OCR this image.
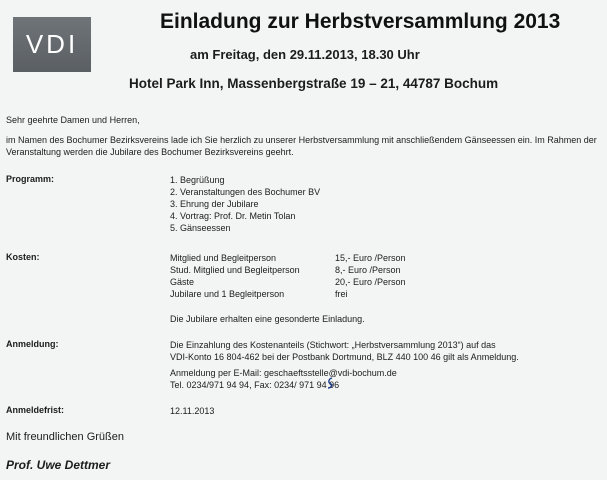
VDI
Einladung zur Herbstversammlung 2013
am Freitag, den 29.11.2013, 18.30 Uhr
Hotel Park Inn, Massenbergstraße 19 – 21, 44787 Bochum
Sehr geehrte Damen und Herren,
im Namen des Bochumer Bezirksvereins lade ich Sie herzlich zu unserer Herbstversammlung mit anschließendem Gänseessen ein. Im Rahmen der Veranstaltung werden die Jubilare des Bochumer Bezirksvereins geehrt.
Programm:	1. Begrüßung
2. Veranstaltungen des Bochumer BV
3. Ehrung der Jubilare
4. Vortrag: Prof. Dr. Metin Tolan
5. Gänseessen
Kosten:	Mitglied und Begleitperson	15,- Euro /Person
Stud. Mitglied und Begleitperson	8,- Euro /Person
Gäste	20,- Euro /Person
Jubilare und 1 Begleitperson	frei
Die Jubilare erhalten eine gesonderte Einladung.
Anmeldung:	Die Einzahlung des Kostenanteils (Stichwort: „Herbstversammlung 2013“) auf das
VDI-Konto 16 804-462 bei der Postbank Dortmund, BLZ 440 100 46 gilt als Anmeldung.
Anmeldung per E-Mail: geschaeftsstelle@vdi-bochum.de
Tel. 0234/971 94 94, Fax: 0234/ 971 94 96
Anmeldefrist:	12.11.2013
Mit freundlichen Grüßen
Prof. Uwe Dettmer
